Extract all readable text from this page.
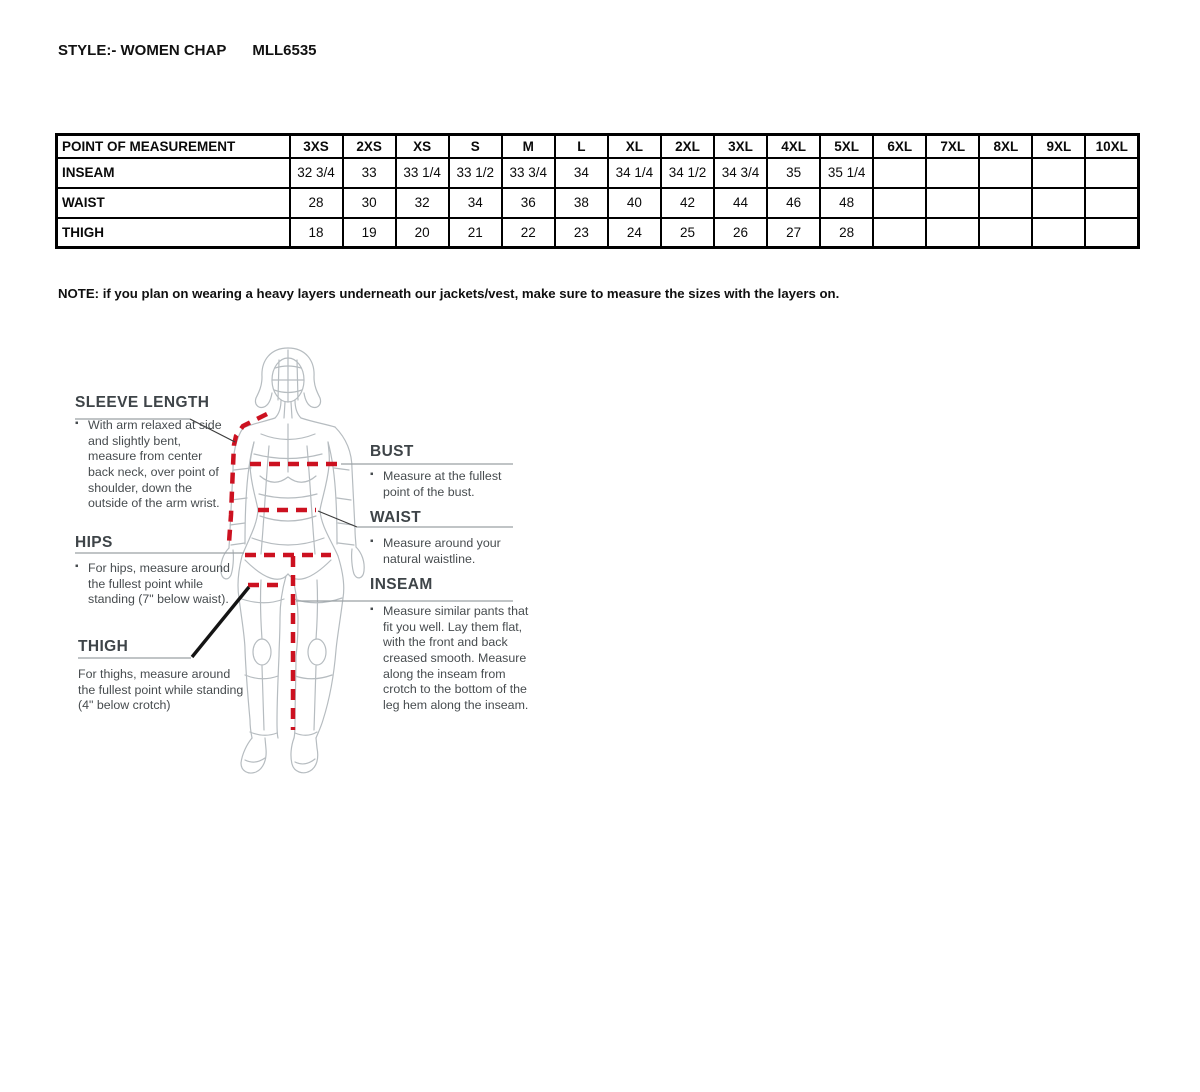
STYLE:- WOMEN CHAP MLL6535
POINT OF MEASUREMENT	3XS	2XS	XS	S	M	L	XL	2XL	3XL	4XL	5XL	6XL	7XL	8XL	9XL	10XL
INSEAM	32 3/4	33	33 1/4	33 1/2	33 3/4	34	34 1/4	34 1/2	34 3/4	35	35 1/4					
WAIST	28	30	32	34	36	38	40	42	44	46	48					
THIGH	18	19	20	21	22	23	24	25	26	27	28					
NOTE: if you plan on wearing a heavy layers underneath our jackets/vest, make sure to measure the sizes with the layers on.
SLEEVE LENGTH
▪ With arm relaxed at side and slightly bent, measure from center back neck, over point of shoulder, down the outside of the arm wrist.
HIPS
▪ For hips, measure around the fullest point while standing (7" below waist).
THIGH
For thighs, measure around the fullest point while standing (4" below crotch)
BUST
▪ Measure at the fullest point of the bust.
WAIST
▪ Measure around your natural waistline.
INSEAM
▪ Measure similar pants that fit you well. Lay them flat, with the front and back creased smooth. Measure along the inseam from crotch to the bottom of the leg hem along the inseam.
